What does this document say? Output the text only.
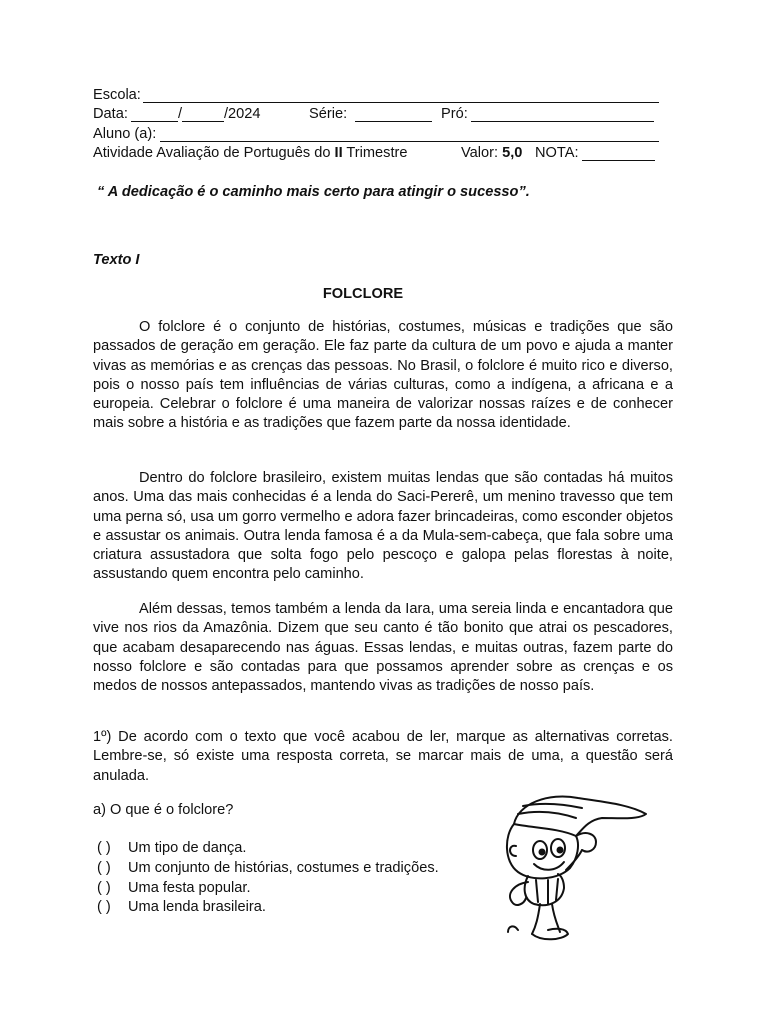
Escola:
Data:	/	/2024	Série:	Pró:
Aluno (a):
Atividade Avaliação de Português do II Trimestre	Valor: 5,0 NOTA:
“ A dedicação é o caminho mais certo para atingir o sucesso”.
Texto I
FOLCLORE

O folclore é o conjunto de histórias, costumes, músicas e tradições que são passados de geração em geração. Ele faz parte da cultura de um povo e ajuda a manter vivas as memórias e as crenças das pessoas. No Brasil, o folclore é muito rico e diverso, pois o nosso país tem influências de várias culturas, como a indígena, a africana e a europeia. Celebrar o folclore é uma maneira de valorizar nossas raízes e de conhecer mais sobre a história e as tradições que fazem parte da nossa identidade.

Dentro do folclore brasileiro, existem muitas lendas que são contadas há muitos anos. Uma das mais conhecidas é a lenda do Saci-Pererê, um menino travesso que tem uma perna só, usa um gorro vermelho e adora fazer brincadeiras, como esconder objetos e assustar os animais. Outra lenda famosa é a da Mula-sem-cabeça, que fala sobre uma criatura assustadora que solta fogo pelo pescoço e galopa pelas florestas à noite, assustando quem encontra pelo caminho.

Além dessas, temos também a lenda da Iara, uma sereia linda e encantadora que vive nos rios da Amazônia. Dizem que seu canto é tão bonito que atrai os pescadores, que acabam desaparecendo nas águas. Essas lendas, e muitas outras, fazem parte do nosso folclore e são contadas para que possamos aprender sobre as crenças e os medos de nossos antepassados, mantendo vivas as tradições de nosso país.

1º) De acordo com o texto que você acabou de ler, marque as alternativas corretas. Lembre-se, só existe uma resposta correta, se marcar mais de uma, a questão será anulada.

a) O que é o folclore?
( ) Um tipo de dança.
( ) Um conjunto de histórias, costumes e tradições.
( ) Uma festa popular.
( ) Uma lenda brasileira.
